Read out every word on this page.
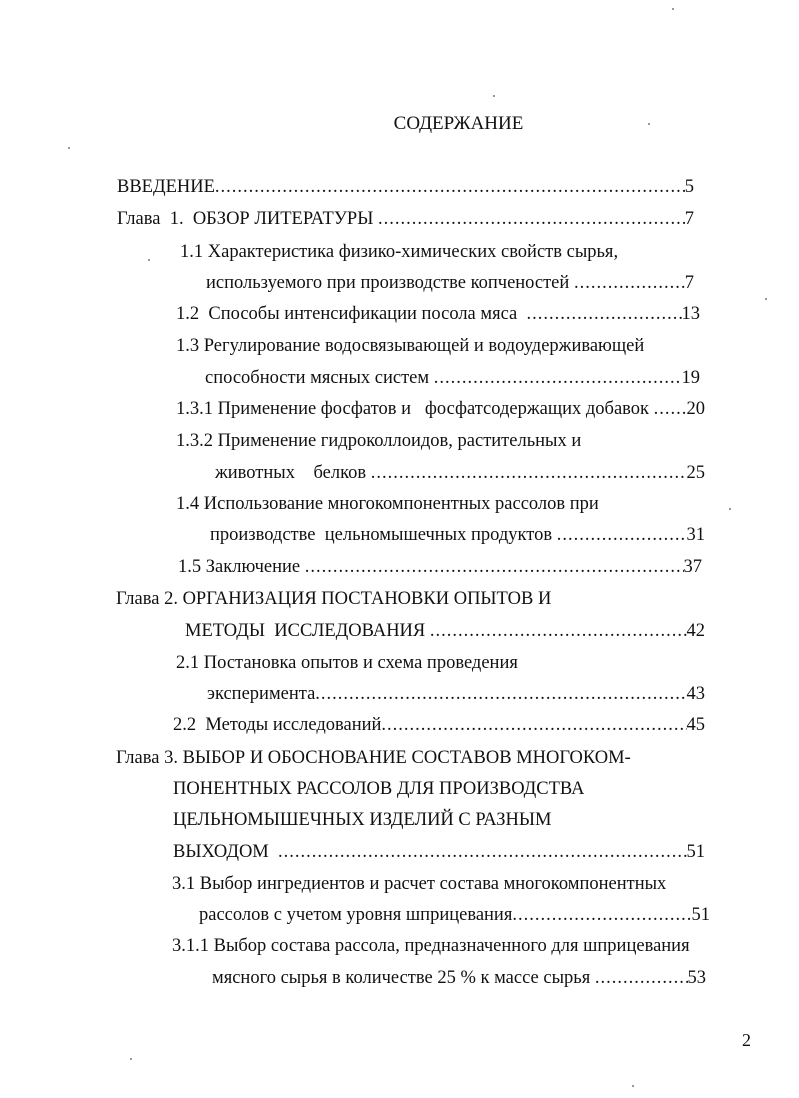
СОДЕРЖАНИЕ
ВВЕДЕНИЕ .....	5
Глава  1.  ОБЗОР ЛИТЕРАТУРЫ .....	7
1.1 Характеристика физико-химических свойств сырья,
используемого при производстве копченостей .....	7
1.2  Способы интенсификации посола мяса .....	13
1.3 Регулирование водосвязывающей и водоудерживающей
способности мясных систем .....	19
1.3.1 Применение фосфатов и   фосфатсодержащих добавок ..... 20
1.3.2 Применение гидроколлоидов, растительных и
животных    белков .....	25
1.4 Использование многокомпонентных рассолов при
производстве  цельномышечных продуктов .....	31
1.5 Заключение .....	37
Глава 2. ОРГАНИЗАЦИЯ ПОСТАНОВКИ ОПЫТОВ И
МЕТОДЫ  ИССЛЕДОВАНИЯ .....	42
2.1 Постановка опытов и схема проведения
эксперимента .....	43
2.2  Методы исследований .....	45
Глава 3. ВЫБОР И ОБОСНОВАНИЕ СОСТАВОВ МНОГОКОМ-
ПОНЕНТНЫХ РАССОЛОВ ДЛЯ ПРОИЗВОДСТВА
ЦЕЛЬНОМЫШЕЧНЫХ ИЗДЕЛИЙ С РАЗНЫМ
ВЫХОДОМ .....	51
3.1 Выбор ингредиентов и расчет состава многокомпонентных
рассолов с учетом уровня шприцевания .....	51
3.1.1 Выбор состава рассола, предназначенного для шприцевания
мясного сырья в количестве 25 % к массе сырья .....	53
2
